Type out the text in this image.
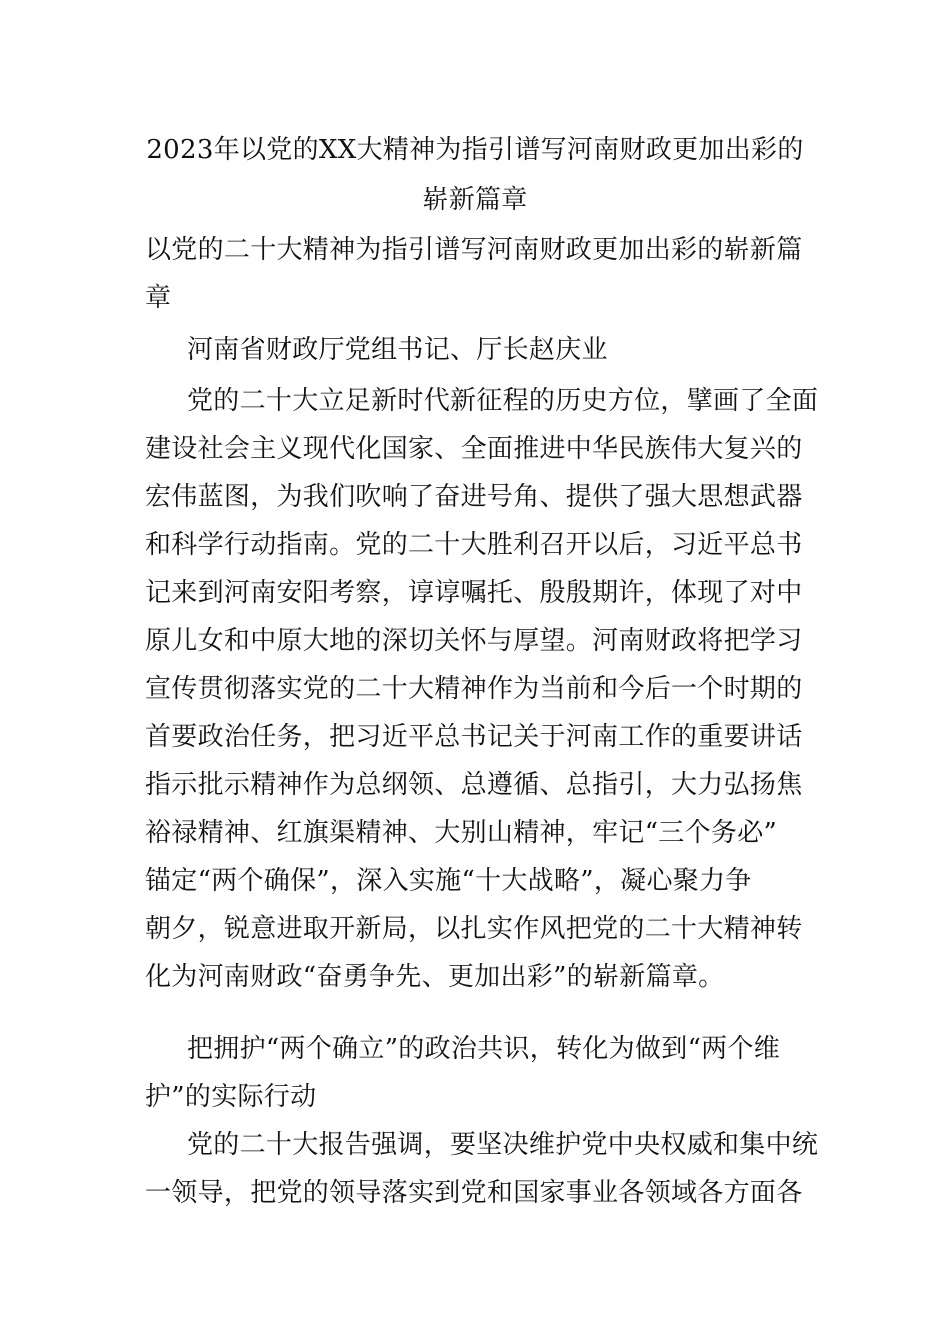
2023年以党的XX大精神为指引谱写河南财政更加出彩的
崭新篇章
以党的二十大精神为指引谱写河南财政更加出彩的崭新篇
章
河南省财政厅党组书记、厅长赵庆业
党的二十大立足新时代新征程的历史方位，擘画了全面
建设社会主义现代化国家、全面推进中华民族伟大复兴的
宏伟蓝图，为我们吹响了奋进号角、提供了强大思想武器
和科学行动指南。党的二十大胜利召开以后，习近平总书
记来到河南安阳考察，谆谆嘱托、殷殷期许，体现了对中
原儿女和中原大地的深切关怀与厚望。河南财政将把学习
宣传贯彻落实党的二十大精神作为当前和今后一个时期的
首要政治任务，把习近平总书记关于河南工作的重要讲话
指示批示精神作为总纲领、总遵循、总指引，大力弘扬焦
裕禄精神、红旗渠精神、大别山精神，牢记“三个务必”
锚定“两个确保”，深入实施“十大战略”，凝心聚力争
朝夕，锐意进取开新局，以扎实作风把党的二十大精神转
化为河南财政“奋勇争先、更加出彩”的崭新篇章。
把拥护“两个确立”的政治共识，转化为做到“两个维
护”的实际行动
党的二十大报告强调，要坚决维护党中央权威和集中统
一领导，把党的领导落实到党和国家事业各领域各方面各
